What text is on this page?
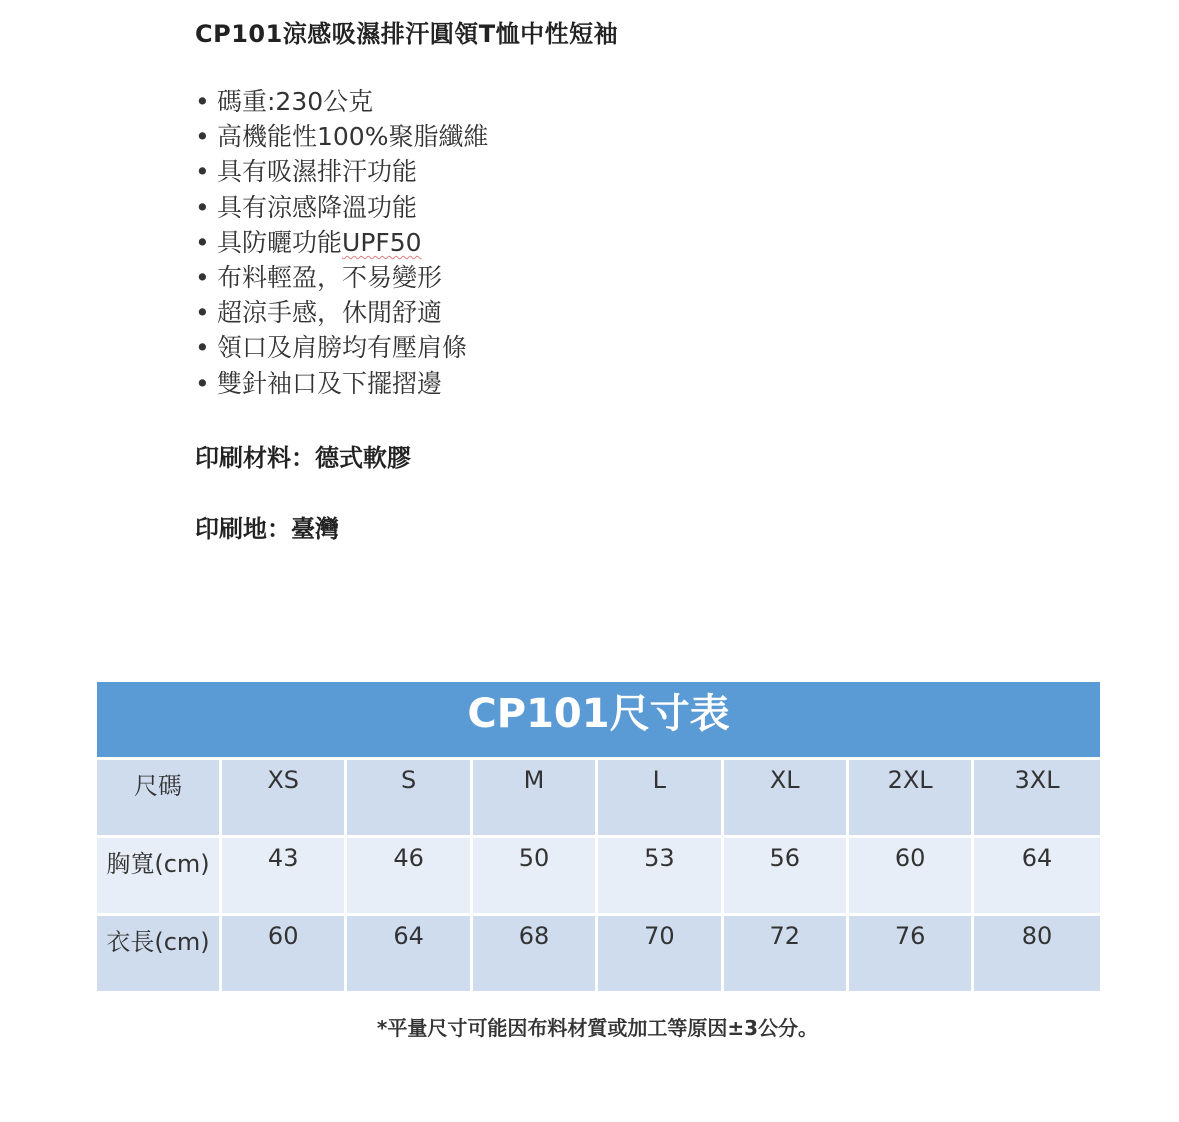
CP101涼感吸濕排汗圓領T恤中性短袖
• 碼重:230公克
• 高機能性100%聚脂纖維
• 具有吸濕排汗功能
• 具有涼感降溫功能
• 具防曬功能UPF50
• 布料輕盈，不易變形
• 超涼手感，休閒舒適
• 領口及肩膀均有壓肩條
• 雙針袖口及下擺摺邊
印刷材料：德式軟膠
印刷地：臺灣
CP101尺寸表
尺碼	XS	S	M	L	XL	2XL	3XL
胸寬(cm)	43	46	50	53	56	60	64
衣長(cm)	60	64	68	70	72	76	80
*平量尺寸可能因布料材質或加工等原因±3公分。
